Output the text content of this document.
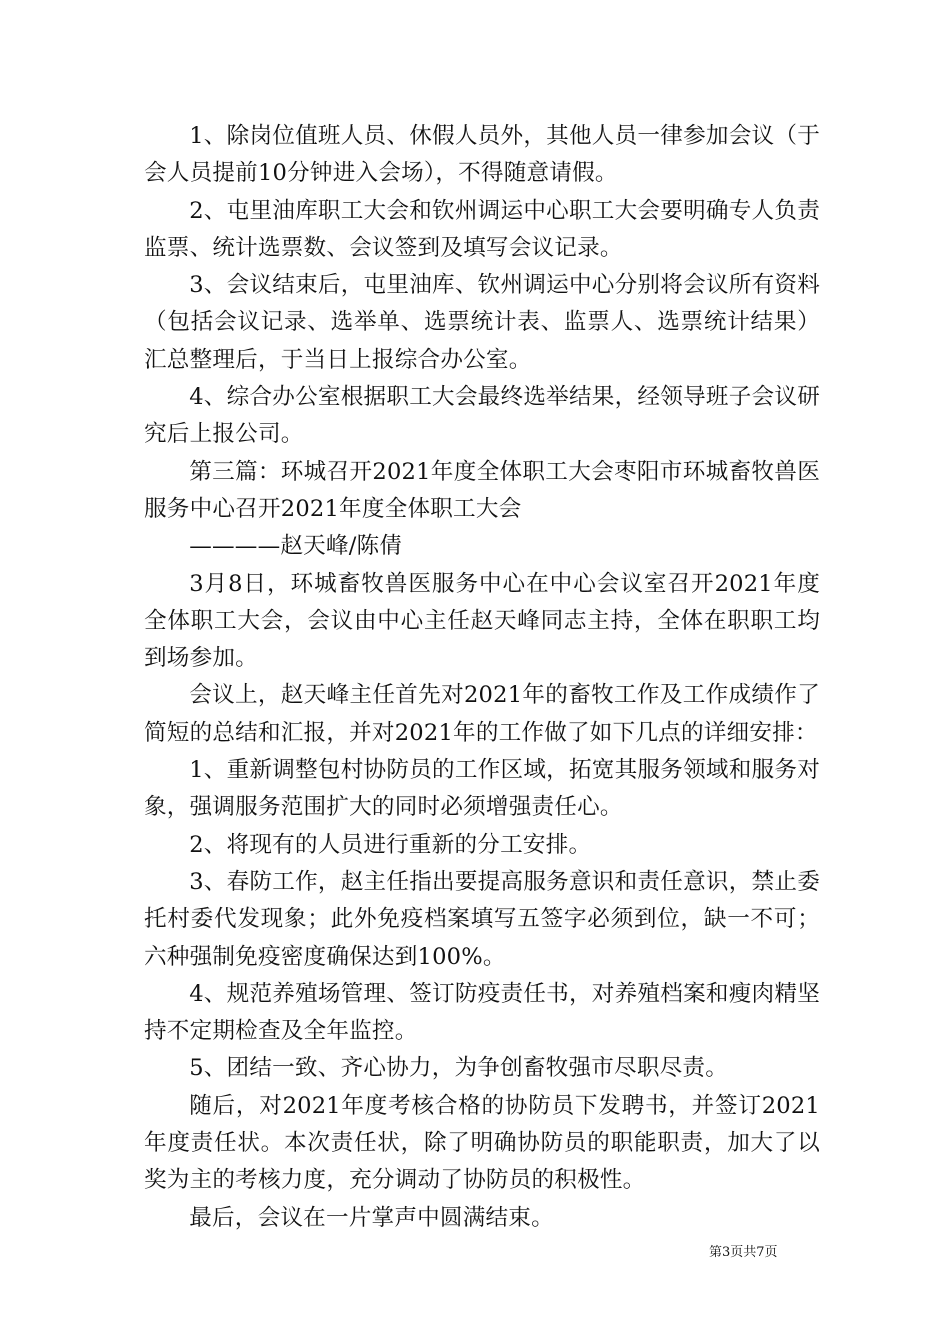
1、除岗位值班人员、休假人员外，其他人员一律参加会议（于会人员提前10分钟进入会场），不得随意请假。

2、屯里油库职工大会和钦州调运中心职工大会要明确专人负责监票、统计选票数、会议签到及填写会议记录。

3、会议结束后，屯里油库、钦州调运中心分别将会议所有资料（包括会议记录、选举单、选票统计表、监票人、选票统计结果）汇总整理后，于当日上报综合办公室。

4、综合办公室根据职工大会最终选举结果，经领导班子会议研究后上报公司。

第三篇：环城召开2021年度全体职工大会枣阳市环城畜牧兽医服务中心召开2021年度全体职工大会

————赵天峰/陈倩

3月8日，环城畜牧兽医服务中心在中心会议室召开2021年度全体职工大会，会议由中心主任赵天峰同志主持，全体在职职工均到场参加。

会议上，赵天峰主任首先对2021年的畜牧工作及工作成绩作了简短的总结和汇报，并对2021年的工作做了如下几点的详细安排：

1、重新调整包村协防员的工作区域，拓宽其服务领域和服务对象，强调服务范围扩大的同时必须增强责任心。

2、将现有的人员进行重新的分工安排。

3、春防工作，赵主任指出要提高服务意识和责任意识，禁止委托村委代发现象；此外免疫档案填写五签字必须到位，缺一不可；六种强制免疫密度确保达到100%。

4、规范养殖场管理、签订防疫责任书，对养殖档案和瘦肉精坚持不定期检查及全年监控。

5、团结一致、齐心协力，为争创畜牧强市尽职尽责。

随后，对2021年度考核合格的协防员下发聘书，并签订2021年度责任状。本次责任状，除了明确协防员的职能职责，加大了以奖为主的考核力度，充分调动了协防员的积极性。

最后，会议在一片掌声中圆满结束。

第3页共7页
